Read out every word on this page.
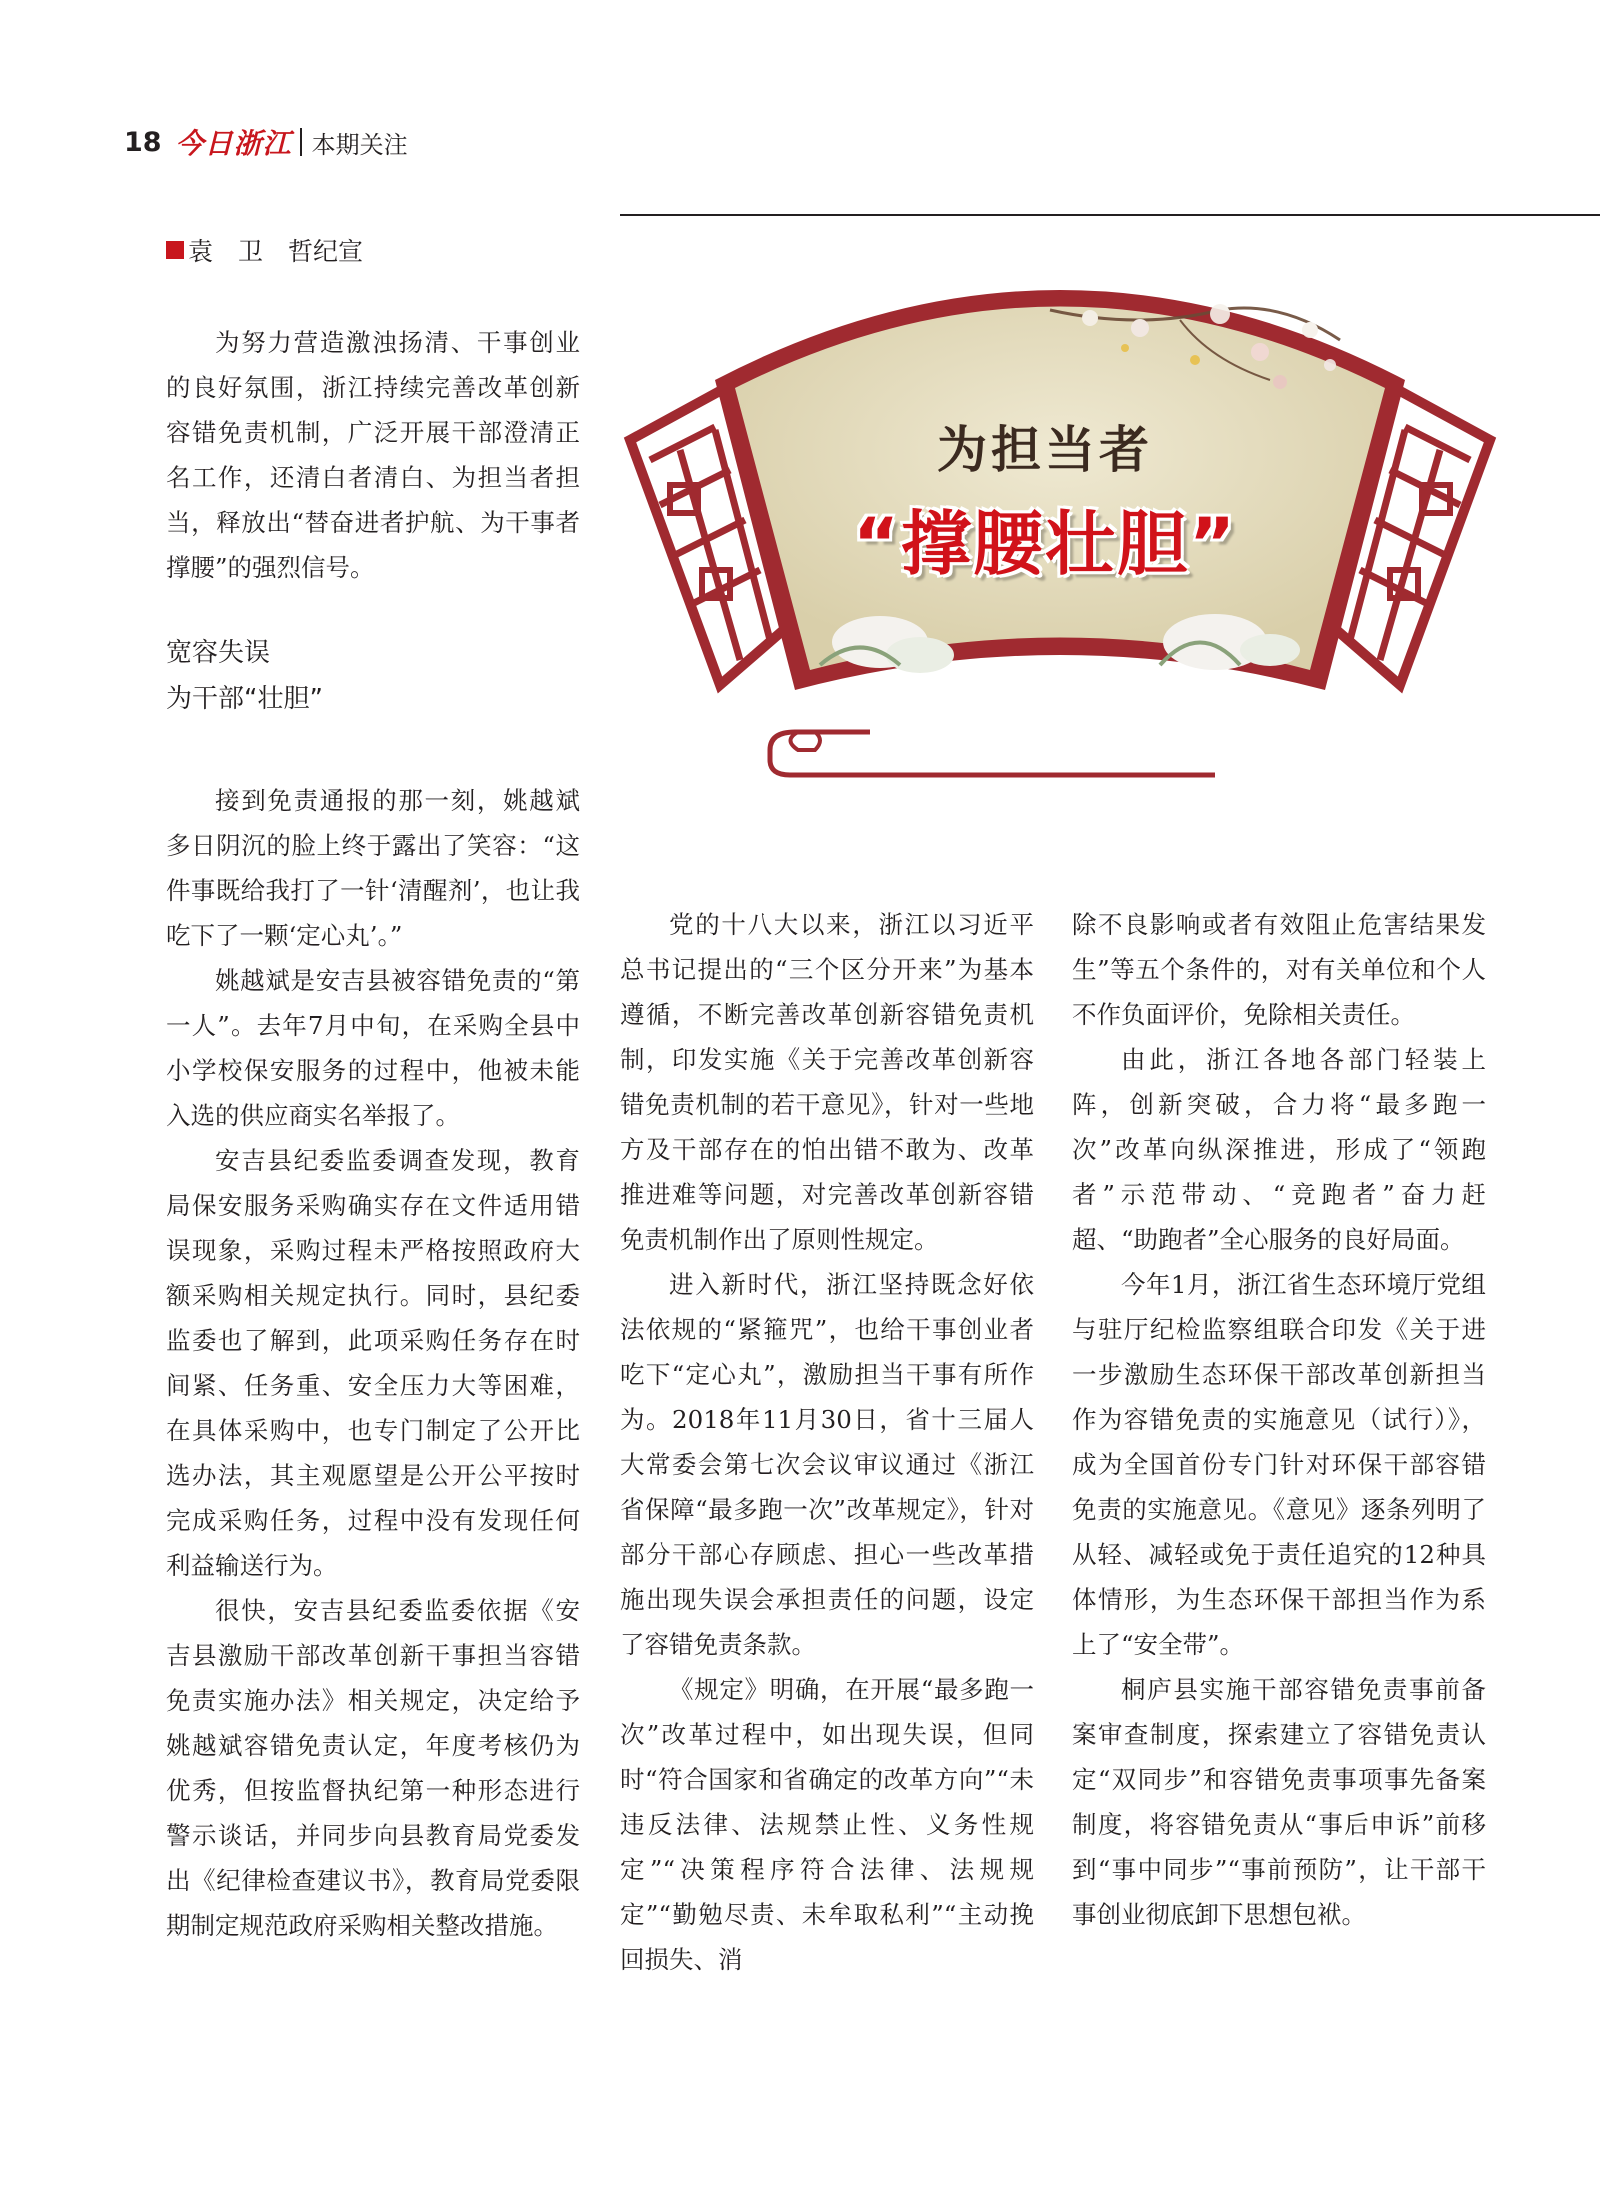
18 今日浙江 本期关注
袁　卫　哲纪宣

为努力营造激浊扬清、干事创业的良好氛围，浙江持续完善改革创新容错免责机制，广泛开展干部澄清正名工作，还清白者清白、为担当者担当，释放出“替奋进者护航、为干事者撑腰”的强烈信号。

宽容失误
为干部“壮胆”

接到免责通报的那一刻，姚越斌多日阴沉的脸上终于露出了笑容：“这件事既给我打了一针‘清醒剂’，也让我吃下了一颗‘定心丸’。”

姚越斌是安吉县被容错免责的“第一人”。去年7月中旬，在采购全县中小学校保安服务的过程中，他被未能入选的供应商实名举报了。

安吉县纪委监委调查发现，教育局保安服务采购确实存在文件适用错误现象，采购过程未严格按照政府大额采购相关规定执行。同时，县纪委监委也了解到，此项采购任务存在时间紧、任务重、安全压力大等困难，在具体采购中，也专门制定了公开比选办法，其主观愿望是公开公平按时完成采购任务，过程中没有发现任何利益输送行为。

很快，安吉县纪委监委依据《安吉县激励干部改革创新干事担当容错免责实施办法》相关规定，决定给予姚越斌容错免责认定，年度考核仍为优秀，但按监督执纪第一种形态进行警示谈话，并同步向县教育局党委发出《纪律检查建议书》，教育局党委限期制定规范政府采购相关整改措施。

党的十八大以来，浙江以习近平总书记提出的“三个区分开来”为基本遵循，不断完善改革创新容错免责机制，印发实施《关于完善改革创新容错免责机制的若干意见》，针对一些地方及干部存在的怕出错不敢为、改革推进难等问题，对完善改革创新容错免责机制作出了原则性规定。

进入新时代，浙江坚持既念好依法依规的“紧箍咒”，也给干事创业者吃下“定心丸”，激励担当干事有所作为。2018年11月30日，省十三届人大常委会第七次会议审议通过《浙江省保障“最多跑一次”改革规定》，针对部分干部心存顾虑、担心一些改革措施出现失误会承担责任的问题，设定了容错免责条款。

《规定》明确，在开展“最多跑一次”改革过程中，如出现失误，但同时“符合国家和省确定的改革方向”“未违反法律、法规禁止性、义务性规定”“决策程序符合法律、法规规定”“勤勉尽责、未牟取私利”“主动挽回损失、消

除不良影响或者有效阻止危害结果发生”等五个条件的，对有关单位和个人不作负面评价，免除相关责任。

由此，浙江各地各部门轻装上阵，创新突破，合力将“最多跑一次”改革向纵深推进，形成了“领跑者”示范带动、“竞跑者”奋力赶超、“助跑者”全心服务的良好局面。

今年1月，浙江省生态环境厅党组与驻厅纪检监察组联合印发《关于进一步激励生态环保干部改革创新担当作为容错免责的实施意见（试行）》，成为全国首份专门针对环保干部容错免责的实施意见。《意见》逐条列明了从轻、减轻或免于责任追究的12种具体情形，为生态环保干部担当作为系上了“安全带”。

桐庐县实施干部容错免责事前备案审查制度，探索建立了容错免责认定“双同步”和容错免责事项事先备案制度，将容错免责从“事后申诉”前移到“事中同步”“事前预防”，让干部干事创业彻底卸下思想包袱。

为担当者
“撑腰壮胆”
